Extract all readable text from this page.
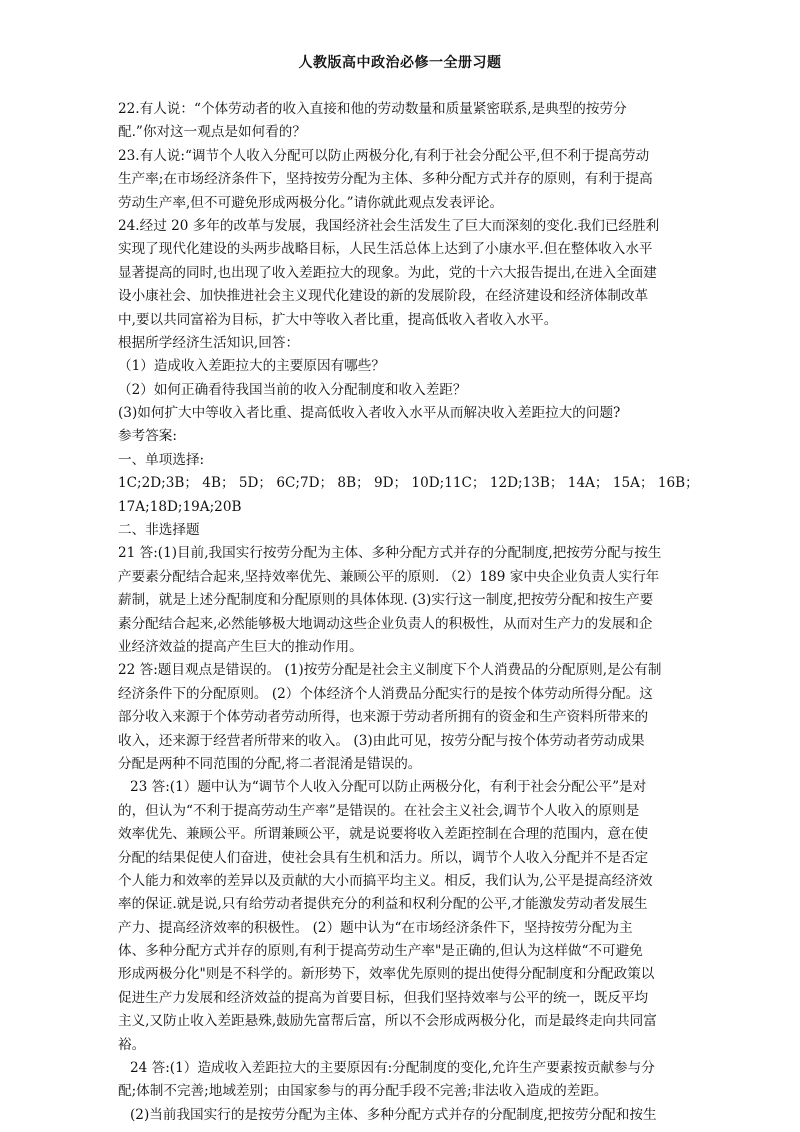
人教版高中政治必修一全册习题
22.有人说：“个体劳动者的收入直接和他的劳动数量和质量紧密联系,是典型的按劳分
配.”你对这一观点是如何看的？
23.有人说:“调节个人收入分配可以防止两极分化,有利于社会分配公平,但不利于提高劳动
生产率;在市场经济条件下，坚持按劳分配为主体、多种分配方式并存的原则，有利于提高
劳动生产率,但不可避免形成两极分化。”请你就此观点发表评论。
24.经过 20 多年的改革与发展，我国经济社会生活发生了巨大而深刻的变化.我们已经胜利
实现了现代化建设的头两步战略目标，人民生活总体上达到了小康水平.但在整体收入水平
显著提高的同时,也出现了收入差距拉大的现象。为此，党的十六大报告提出,在进入全面建
设小康社会、加快推进社会主义现代化建设的新的发展阶段，在经济建设和经济体制改革
中,要以共同富裕为目标，扩大中等收入者比重，提高低收入者收入水平。
根据所学经济生活知识,回答：
（1）造成收入差距拉大的主要原因有哪些？
（2）如何正确看待我国当前的收入分配制度和收入差距？
(3)如何扩大中等收入者比重、提高低收入者收入水平从而解决收入差距拉大的问题?
参考答案:
一、单项选择:
1C;2D;3B； 4B； 5D； 6C;7D； 8B； 9D； 10D;11C； 12D;13B； 14A； 15A； 16B；
17A;18D;19A;20B
二、非选择题
21 答:(1)目前,我国实行按劳分配为主体、多种分配方式并存的分配制度,把按劳分配与按生
产要素分配结合起来,坚持效率优先、兼顾公平的原则. （2）189 家中央企业负责人实行年
薪制，就是上述分配制度和分配原则的具体体现. (3)实行这一制度,把按劳分配和按生产要
素分配结合起来,必然能够极大地调动这些企业负责人的积极性，从而对生产力的发展和企
业经济效益的提高产生巨大的推动作用。
22 答:题目观点是错误的。 (1)按劳分配是社会主义制度下个人消费品的分配原则,是公有制
经济条件下的分配原则。 (2）个体经济个人消费品分配实行的是按个体劳动所得分配。这
部分收入来源于个体劳动者劳动所得，也来源于劳动者所拥有的资金和生产资料所带来的
收入，还来源于经营者所带来的收入。 (3)由此可见，按劳分配与按个体劳动者劳动成果
分配是两种不同范围的分配,将二者混淆是错误的。
23 答:(1）题中认为“调节个人收入分配可以防止两极分化，有利于社会分配公平”是对
的，但认为“不利于提高劳动生产率”是错误的。在社会主义社会,调节个人收入的原则是
效率优先、兼顾公平。所谓兼顾公平，就是说要将收入差距控制在合理的范围内，意在使
分配的结果促使人们奋进，使社会具有生机和活力。所以，调节个人收入分配并不是否定
个人能力和效率的差异以及贡献的大小而搞平均主义。相反，我们认为,公平是提高经济效
率的保证.就是说,只有给劳动者提供充分的利益和权利分配的公平,才能激发劳动者发展生
产力、提高经济效率的积极性。 (2）题中认为“在市场经济条件下，坚持按劳分配为主
体、多种分配方式并存的原则,有利于提高劳动生产率"是正确的,但认为这样做“不可避免
形成两极分化"则是不科学的。新形势下，效率优先原则的提出使得分配制度和分配政策以
促进生产力发展和经济效益的提高为首要目标，但我们坚持效率与公平的统一，既反平均
主义,又防止收入差距悬殊,鼓励先富帮后富，所以不会形成两极分化，而是最终走向共同富
裕。
24 答:(1）造成收入差距拉大的主要原因有:分配制度的变化,允许生产要素按贡献参与分
配;体制不完善;地域差别；由国家参与的再分配手段不完善;非法收入造成的差距。
(2)当前我国实行的是按劳分配为主体、多种分配方式并存的分配制度,把按劳分配和按生
